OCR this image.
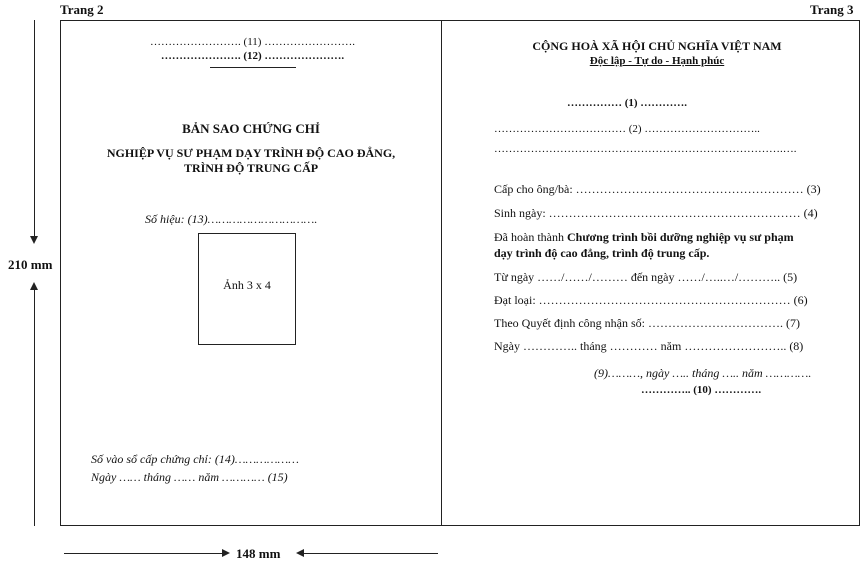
Trang 2	Trang 3
210 mm
148 mm
……………………. (11) …………………….
…………………. (12) ………………….
BẢN SAO CHỨNG CHỈ
NGHIỆP VỤ SƯ PHẠM DẠY TRÌNH ĐỘ CAO ĐẲNG,
TRÌNH ĐỘ TRUNG CẤP
Số hiệu: (13)………………………….
Ảnh 3 x 4
Số vào sổ cấp chứng chỉ: (14)………………
Ngày …… tháng …… năm ………… (15)
CỘNG HOÀ XÃ HỘI CHỦ NGHĨA VIỆT NAM
Độc lập - Tự do - Hạnh phúc
…………… (1) ………….
……………………………… (2) …………………………..
…………………………………………………………………….….
Cấp cho ông/bà: ………………………………………………… (3)
Sinh ngày: ……………………………………………………… (4)
Đã hoàn thành Chương trình bồi dưỡng nghiệp vụ sư phạm
dạy trình độ cao đẳng, trình độ trung cấp.
Từ ngày ……/……/……… đến ngày ……/…..…/……….. (5)
Đạt loại: ……………………………………………………… (6)
Theo Quyết định công nhận số: ……………………………. (7)
Ngày ………….. tháng ………… năm …………………….. (8)
(9)………, ngày ….. tháng ….. năm ………….
………….. (10) ………….
